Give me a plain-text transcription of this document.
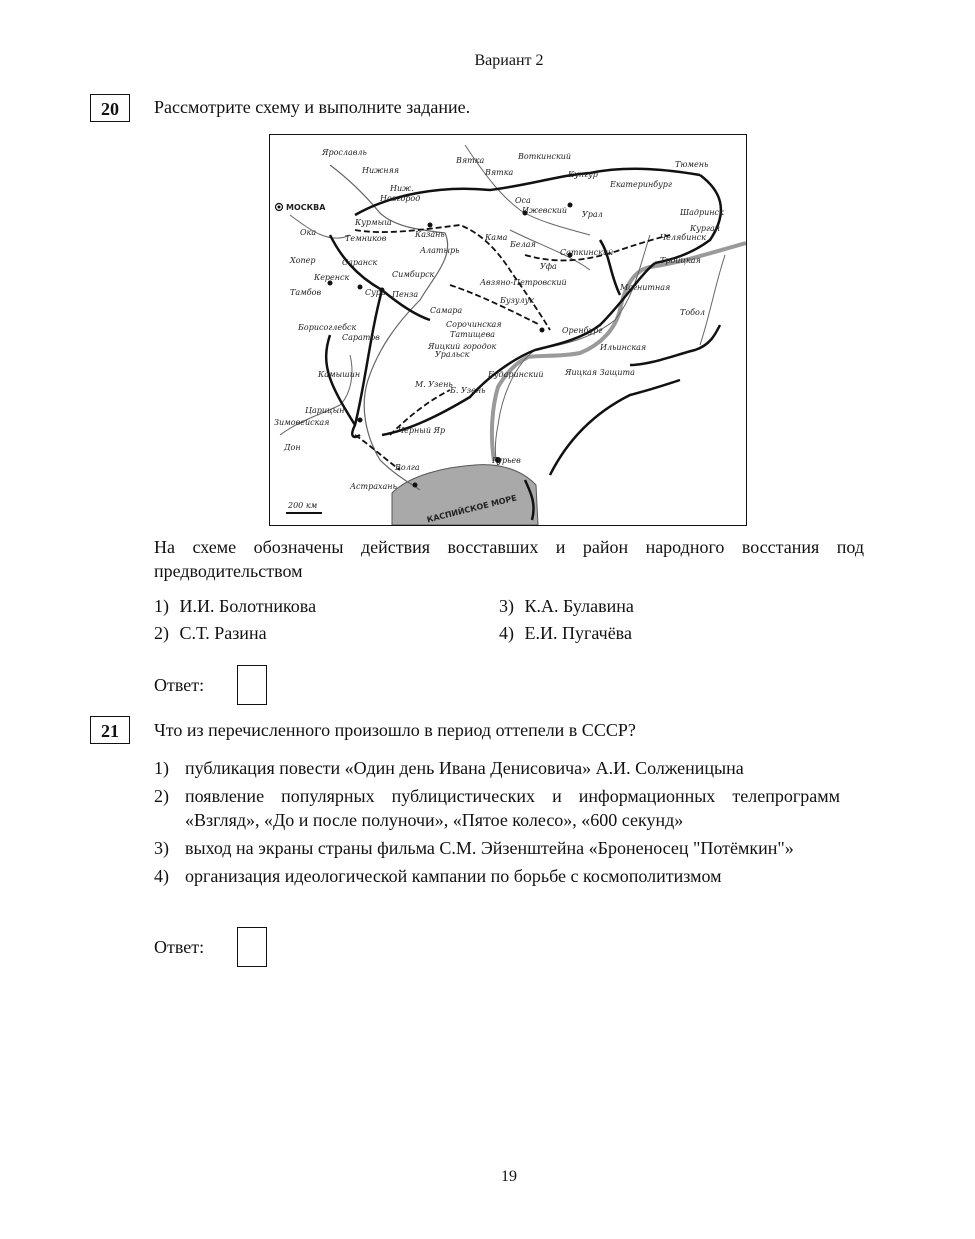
Вариант 2
20	Рассмотрите схему и выполните задание.
200 км
Ярославль
Вятка	Воткинский
Тюмень
Кунгур
Екатеринбург
Ниж.
Новгород
МОСКВА
Оса
Ижевский	Шадринск
Курмыш
Казань
Курган
Темников
Алатырь
Челябинск
Саткинский
Саранск	Уфа
Троицкая
Керенск	Симбирск
Авзяно-Петровский
Магнитная
Тамбов	Пенза
Бузулук
Самара
Борисоглебск	Сорочинская
Оренбург
Саратов	Татищева
Яицкий городок
Уральск
Ильинская
Камышин	Бударинский	Яицкая Защита
Царицын
Зимовейская
Черный Яр
Дон
Гурьев
Астрахань
Волга
КАСПИЙСКОЕ МОРЕ
Ока
Кама
Белая
Урал
Вятка
Тобол
Сура
Б. Узень
М. Узень
Хопер
Нижняя
На схеме обозначены действия восставших и район народного восстания под предводительством
1) И.И. Болотникова	3) К.А. Булавина
2) С.Т. Разина	4) Е.И. Пугачёва
Ответ:
21	Что из перечисленного произошло в период оттепели в СССР?
1) публикация повести «Один день Ивана Денисовича» А.И. Солженицына
2) появление популярных публицистических и информационных телепрограмм «Взгляд», «До и после полуночи», «Пятое колесо», «600 секунд»
3) выход на экраны страны фильма С.М. Эйзенштейна «Броненосец "Потёмкин"»
4) организация идеологической кампании по борьбе с космополитизмом
Ответ:
19
